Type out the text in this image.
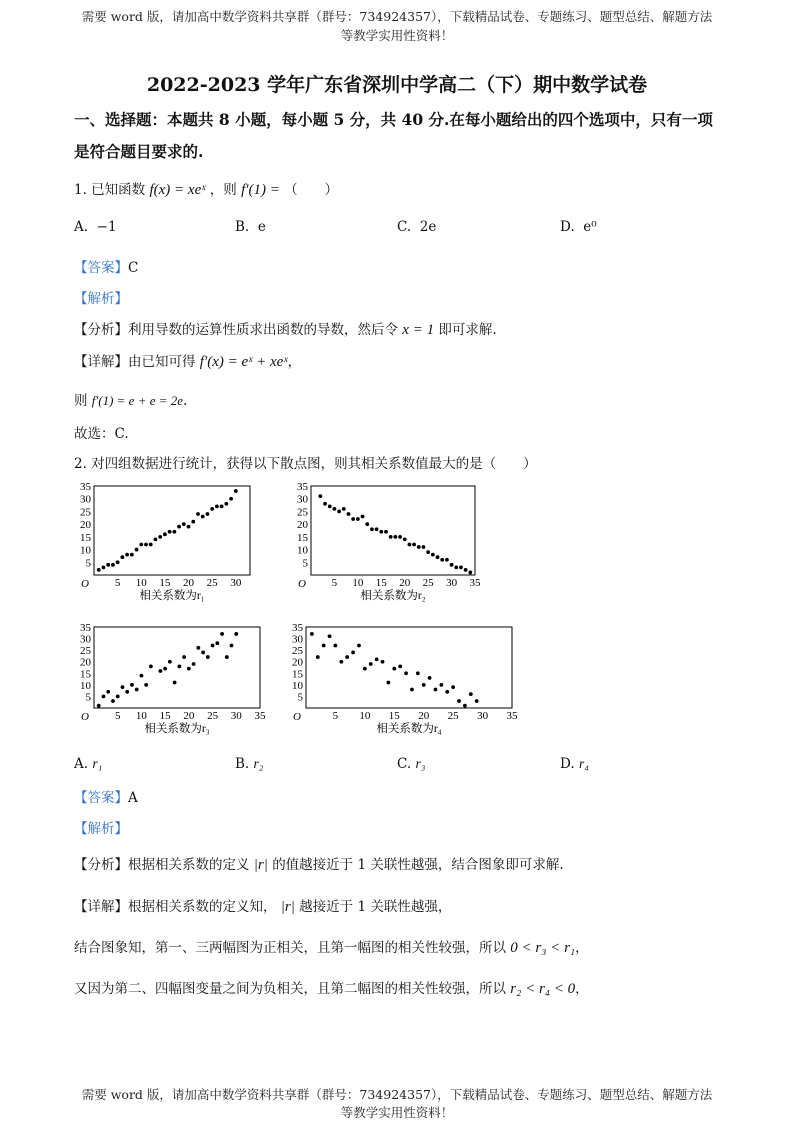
需要 word 版，请加高中数学资料共享群（群号：734924357），下载精品试卷、专题练习、题型总结、解题方法
等教学实用性资料！
2022-2023 学年广东省深圳中学高二（下）期中数学试卷
一、选择题：本题共 8 小题，每小题 5 分，共 40 分.在每小题给出的四个选项中，只有一项
是符合题目要求的.
1. 已知函数 f(x) = xeˣ ，则 f′(1) = （　　）
A. −1	B. e	C. 2e	D. e⁰
【答案】C
【解析】
【分析】利用导数的运算性质求出函数的导数，然后令 x = 1 即可求解.
【详解】由已知可得 f′(x) = eˣ + xeˣ，
则 f′(1) = e + e = 2e.
故选：C.
2. 对四组数据进行统计，获得以下散点图，则其相关系数值最大的是（　　）
5 10 15 20 25 30
5
10
15
20
25
30
35
O
相关系数为r₁
5 10 15 20 25 30 35
5
10
15
20
25
30
35
O
相关系数为r₂
5 10 15 20 25 30 35
5
10
15
20
25
30
35
O
相关系数为r₃
5 10 15 20 25 30 35
5
10
15
20
25
30
35
O
相关系数为r₄
A. r₁	B. r₂	C. r₃	D. r₄
【答案】A
【解析】
【分析】根据相关系数的定义 |r| 的值越接近于 1 关联性越强，结合图象即可求解.
【详解】根据相关系数的定义知， |r| 越接近于 1 关联性越强，
结合图象知，第一、三两幅图为正相关，且第一幅图的相关性较强，所以 0 < r₃ < r₁，
又因为第二、四幅图变量之间为负相关，且第二幅图的相关性较强，所以 r₂ < r₄ < 0，
需要 word 版，请加高中数学资料共享群（群号：734924357），下载精品试卷、专题练习、题型总结、解题方法
等教学实用性资料！
